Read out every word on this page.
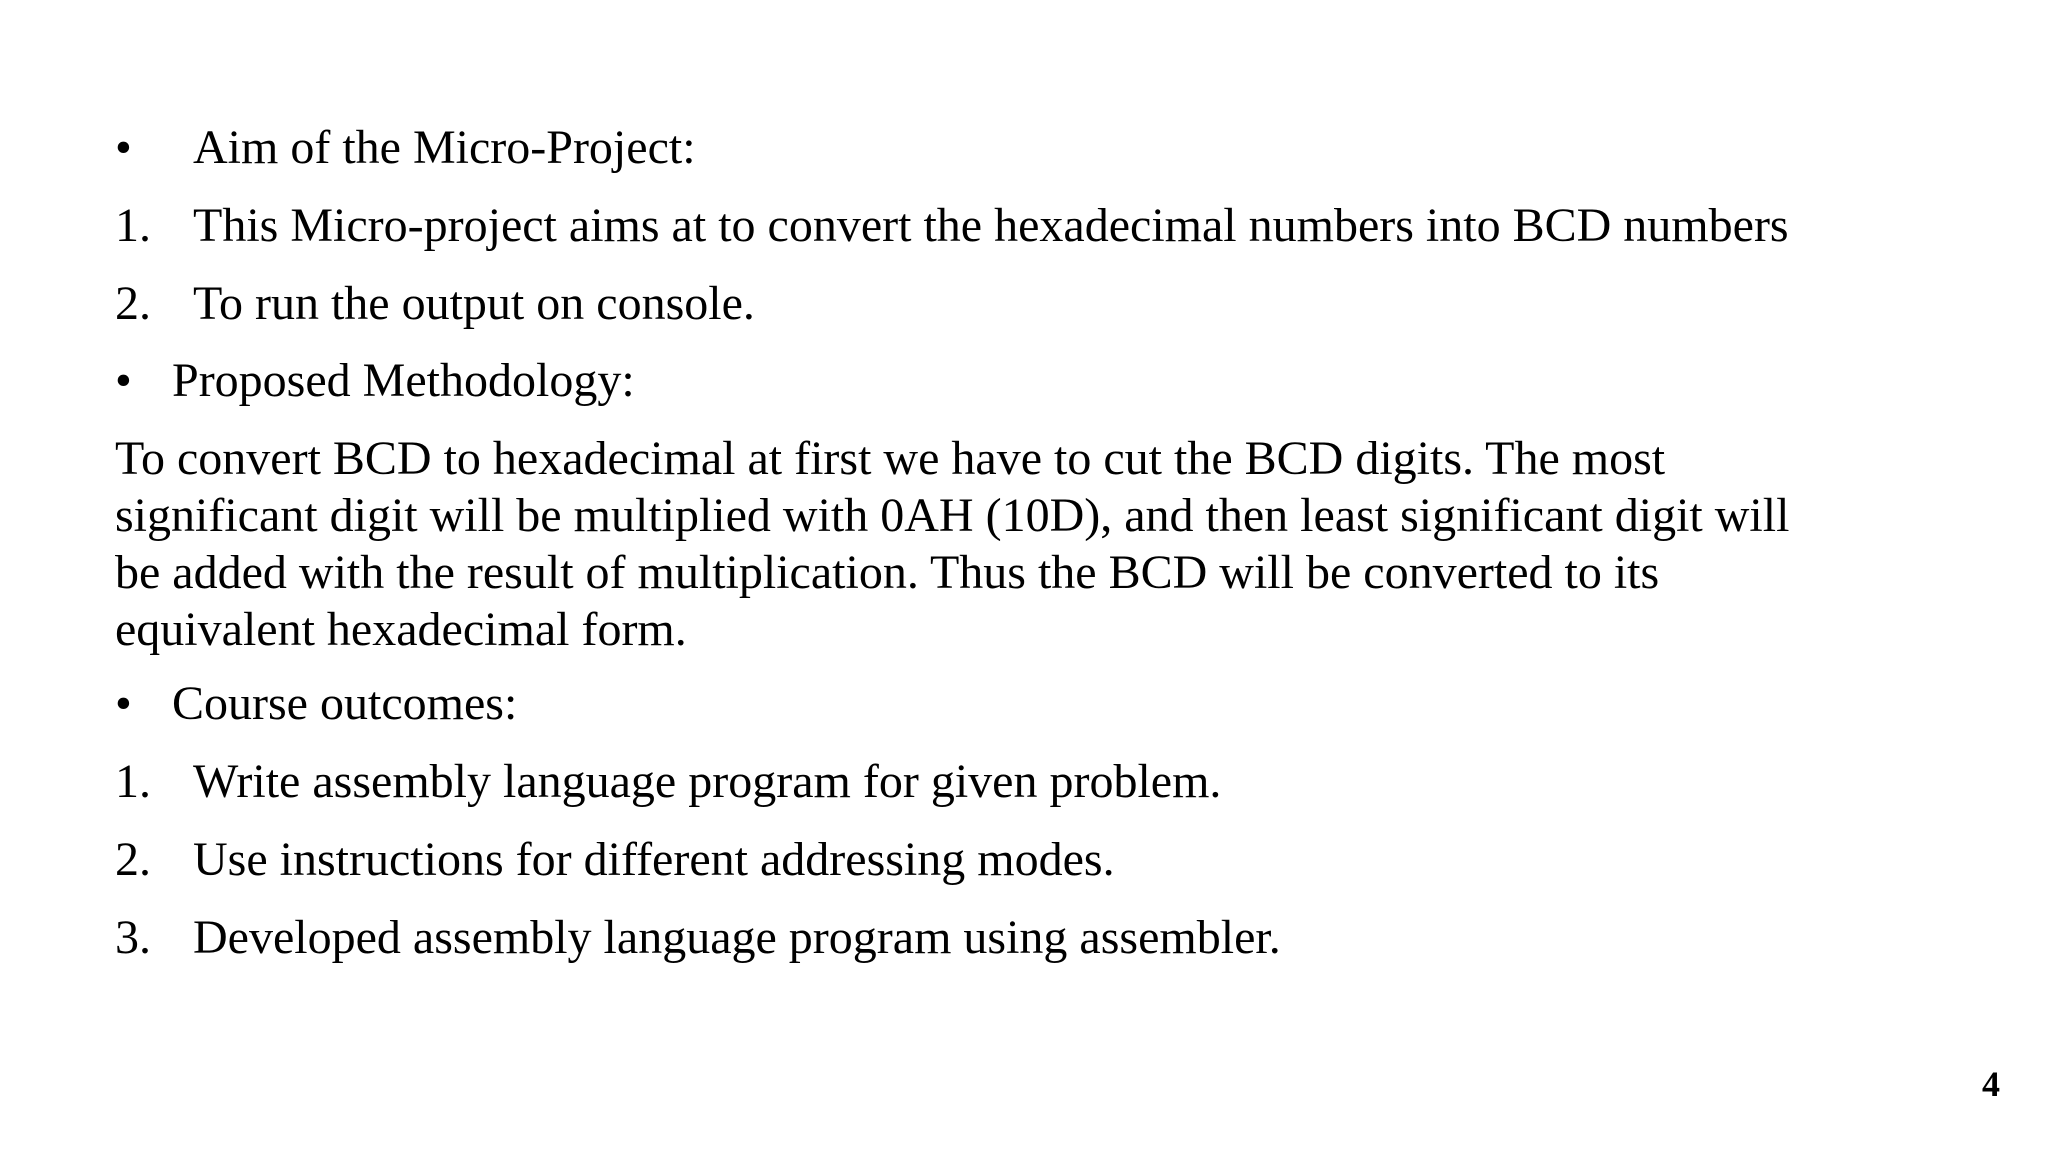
• Aim of the Micro-Project:
1. This Micro-project aims at to convert the hexadecimal numbers into BCD numbers
2. To run the output on console.
• Proposed Methodology:
To convert BCD to hexadecimal at first we have to cut the BCD digits. The most
significant digit will be multiplied with 0AH (10D), and then least significant digit will
be added with the result of multiplication. Thus the BCD will be converted to its
equivalent hexadecimal form.
• Course outcomes:
1. Write assembly language program for given problem.
2. Use instructions for different addressing modes.
3. Developed assembly language program using assembler.
4
